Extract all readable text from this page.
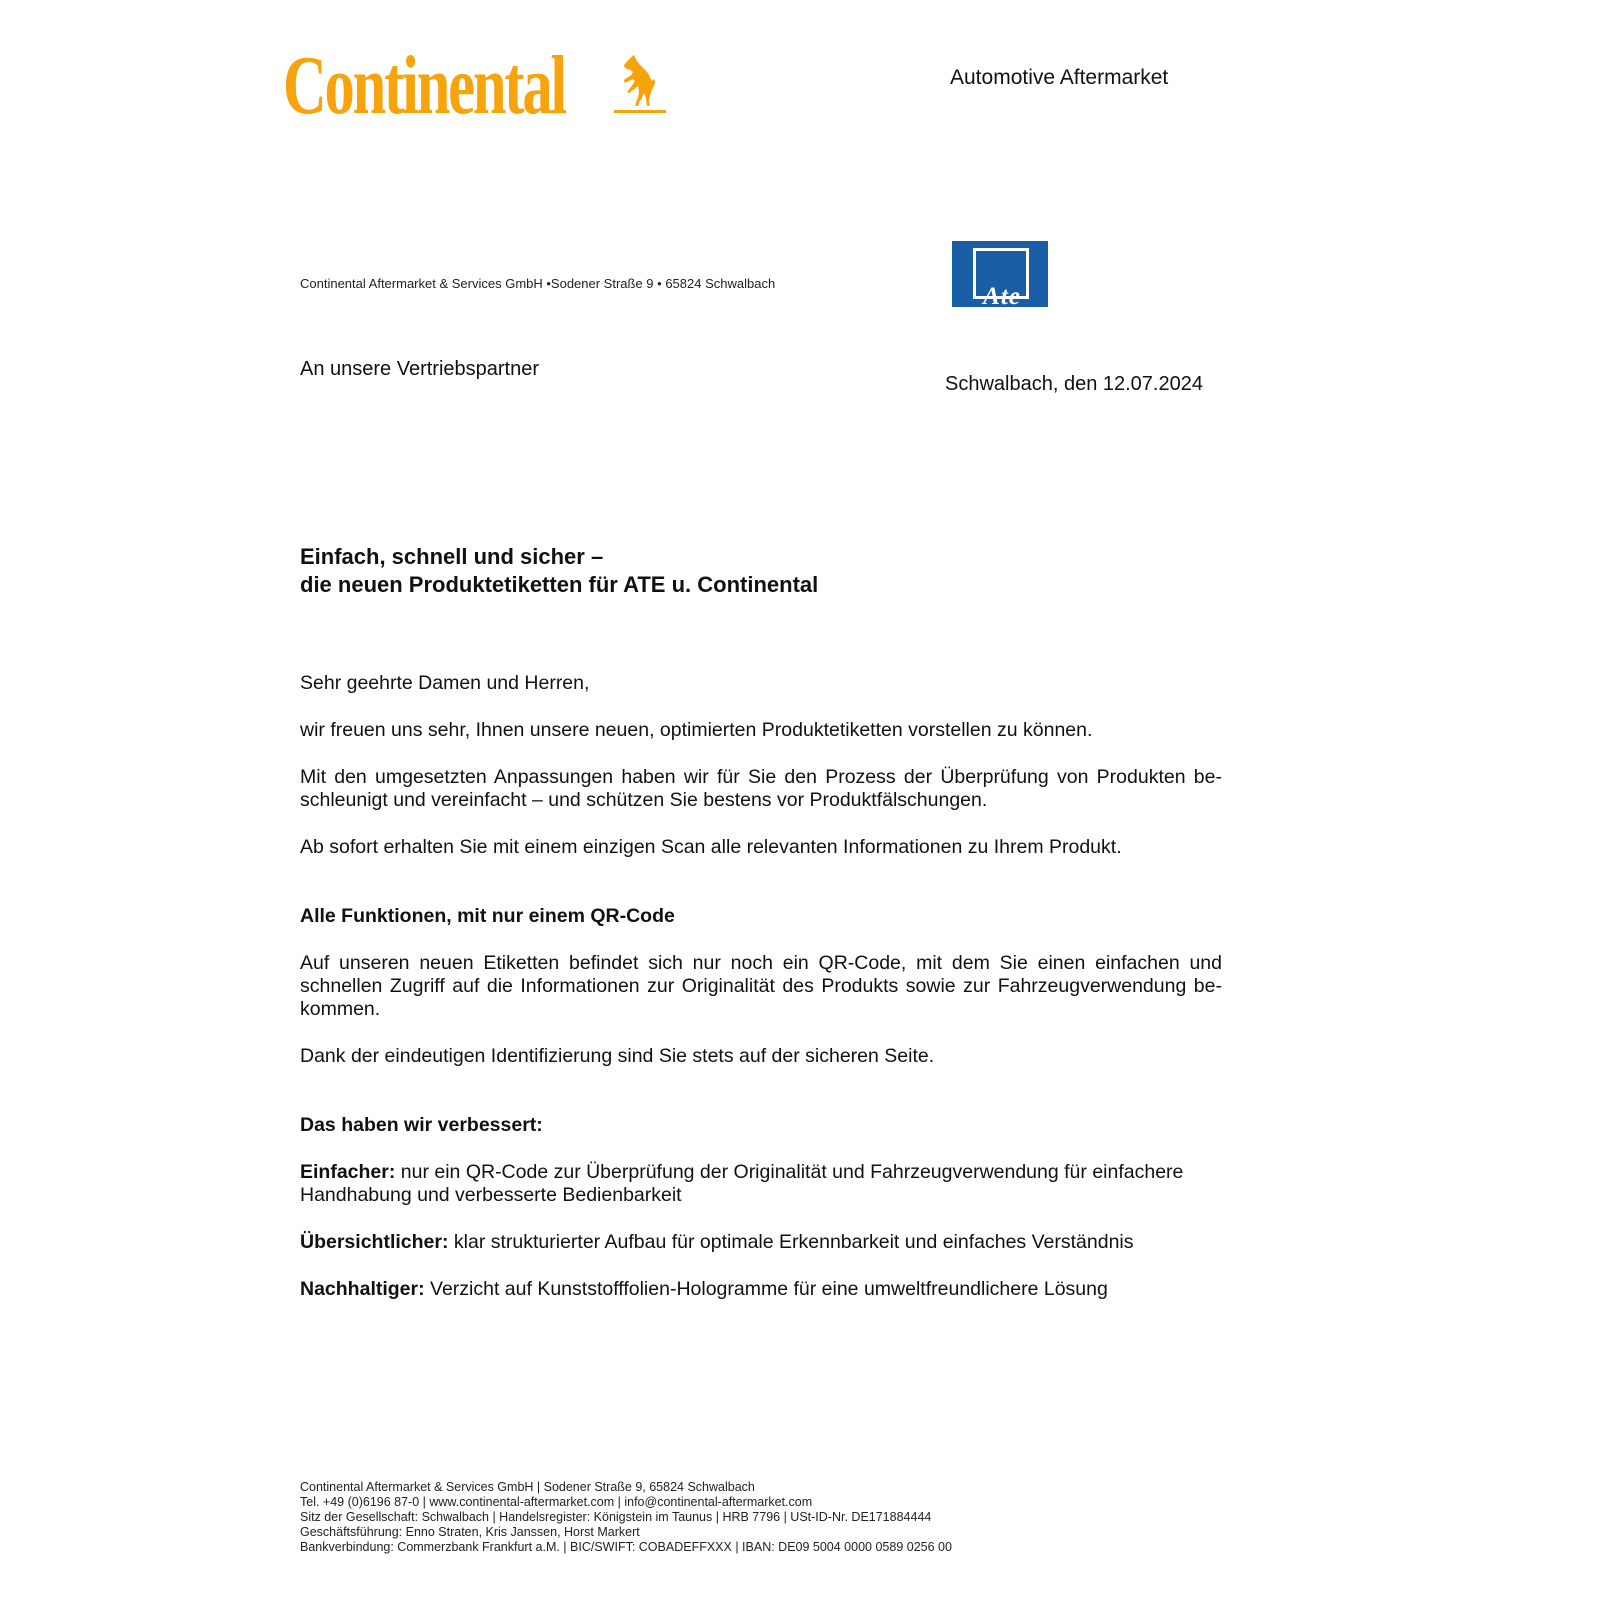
Continental	Automotive Aftermarket
Continental Aftermarket & Services GmbH •Sodener Straße 9 • 65824 Schwalbach	Ate
An unsere Vertriebspartner
Schwalbach, den 12.07.2024
Einfach, schnell und sicher –
die neuen Produktetiketten für ATE u. Continental
Sehr geehrte Damen und Herren,
wir freuen uns sehr, Ihnen unsere neuen, optimierten Produktetiketten vorstellen zu können.
Mit den umgesetzten Anpassungen haben wir für Sie den Prozess der Überprüfung von Produkten be-
schleunigt und vereinfacht – und schützen Sie bestens vor Produktfälschungen.
Ab sofort erhalten Sie mit einem einzigen Scan alle relevanten Informationen zu Ihrem Produkt.
Alle Funktionen, mit nur einem QR-Code
Auf unseren neuen Etiketten befindet sich nur noch ein QR-Code, mit dem Sie einen einfachen und
schnellen Zugriff auf die Informationen zur Originalität des Produkts sowie zur Fahrzeugverwendung be-
kommen.
Dank der eindeutigen Identifizierung sind Sie stets auf der sicheren Seite.
Das haben wir verbessert:
Einfacher: nur ein QR-Code zur Überprüfung der Originalität und Fahrzeugverwendung für einfachere
Handhabung und verbesserte Bedienbarkeit
Übersichtlicher: klar strukturierter Aufbau für optimale Erkennbarkeit und einfaches Verständnis
Nachhaltiger: Verzicht auf Kunststofffolien-Hologramme für eine umweltfreundlichere Lösung
Continental Aftermarket & Services GmbH | Sodener Straße 9, 65824 Schwalbach
Tel. +49 (0)6196 87-0 | www.continental-aftermarket.com | info@continental-aftermarket.com
Sitz der Gesellschaft: Schwalbach | Handelsregister: Königstein im Taunus | HRB 7796 | USt-ID-Nr. DE171884444
Geschäftsführung: Enno Straten, Kris Janssen, Horst Markert
Bankverbindung: Commerzbank Frankfurt a.M. | BIC/SWIFT: COBADEFFXXX | IBAN: DE09 5004 0000 0589 0256 00
